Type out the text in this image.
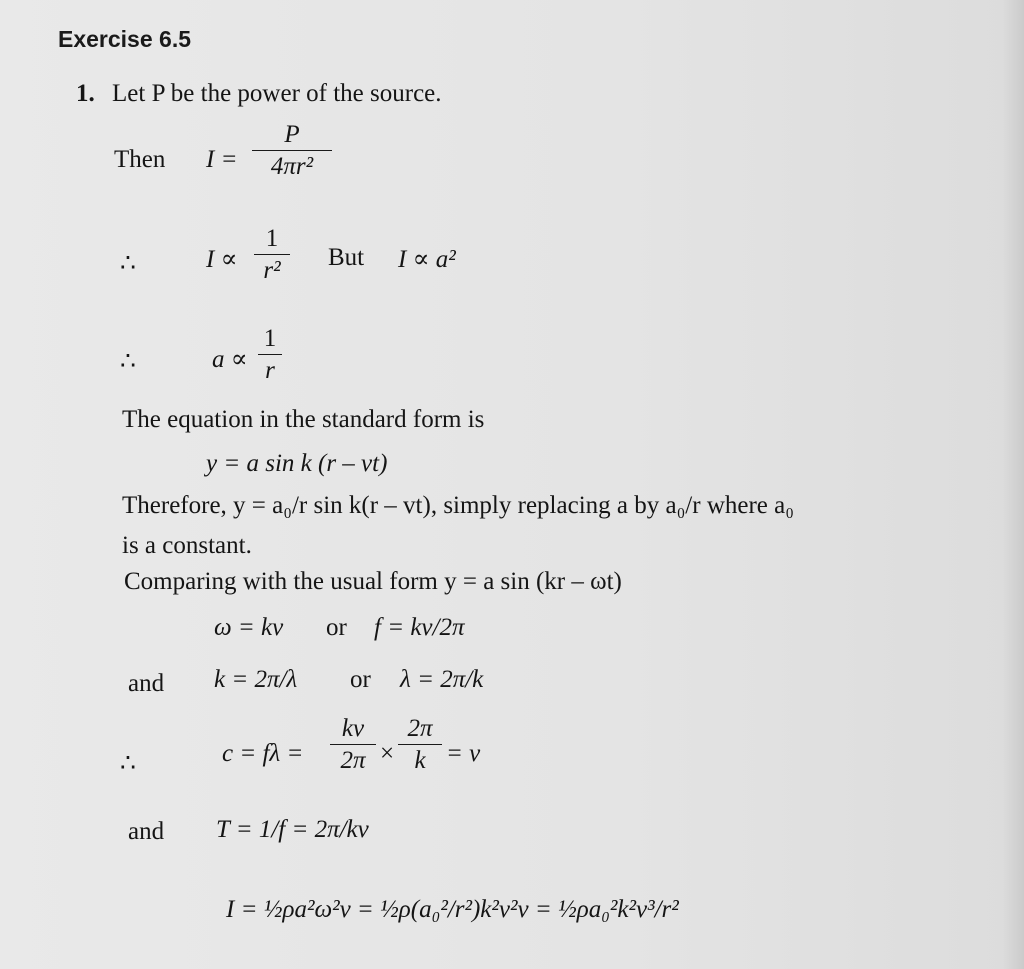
Exercise 6.5
1. Let P be the power of the source.
Then I =
P
4πr²
∴	I ∝
1
r²	But I ∝ a²
∴	a ∝
1
r
The equation in the standard form is
y = a sin k (r – vt)
Therefore, y = a₀/r sin k(r – vt), simply replacing a by a₀/r where a₀
is a constant.
Comparing with the usual form y = a sin (kr – ωt)
ω = kv or f = kv/2π
and k = 2π/λ or λ = 2π/k
∴	c = fλ =
kv
2π ×
2π
k = v
and T = 1/f = 2π/kv
I = ½ρa²ω²v = ½ρ(a₀²/r²)k²v²v = ½ρa₀²k²v³/r²
